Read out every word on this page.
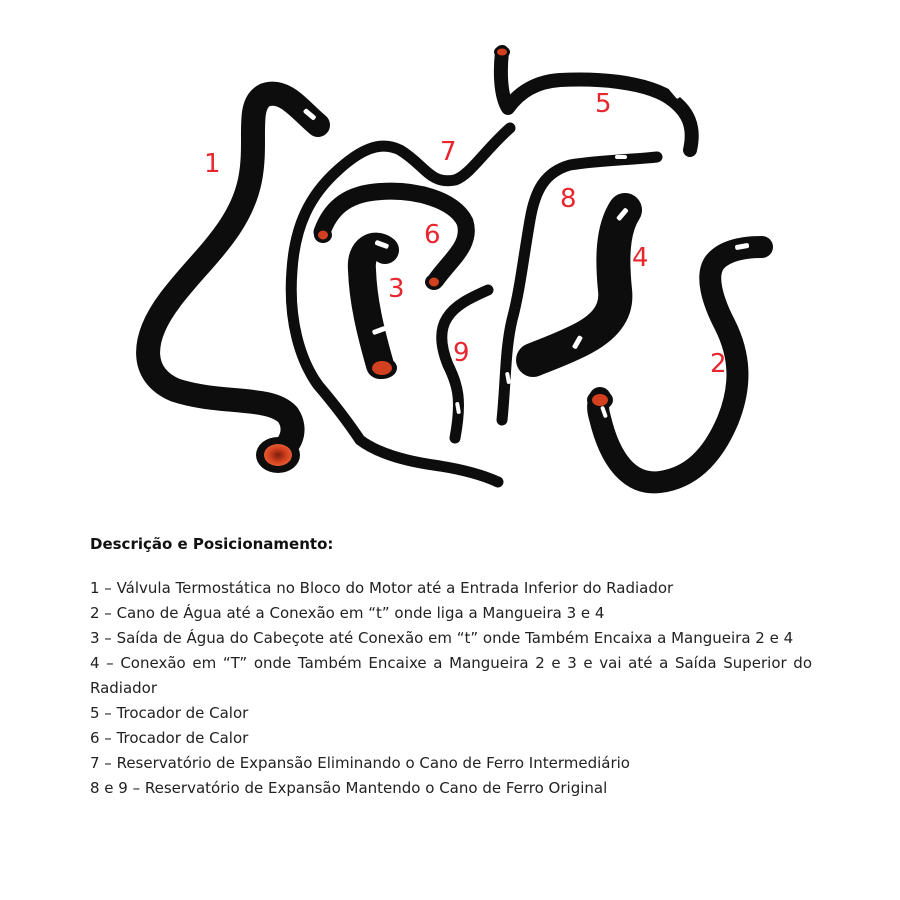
1
2
3
4
5
6
7
8
9

Descrição e Posicionamento:

1 – Válvula Termostática no Bloco do Motor até a Entrada Inferior do Radiador

2 – Cano de Água até a Conexão em “t” onde liga a Mangueira 3 e 4

3 – Saída de Água do Cabeçote até Conexão em “t” onde Também Encaixa a Mangueira 2 e 4

4 – Conexão em “T” onde Também Encaixe a Mangueira 2 e 3 e vai até a Saída Superior do Radiador

5 – Trocador de Calor

6 – Trocador de Calor

7 – Reservatório de Expansão Eliminando o Cano de Ferro Intermediário

8 e 9 – Reservatório de Expansão Mantendo o Cano de Ferro Original
